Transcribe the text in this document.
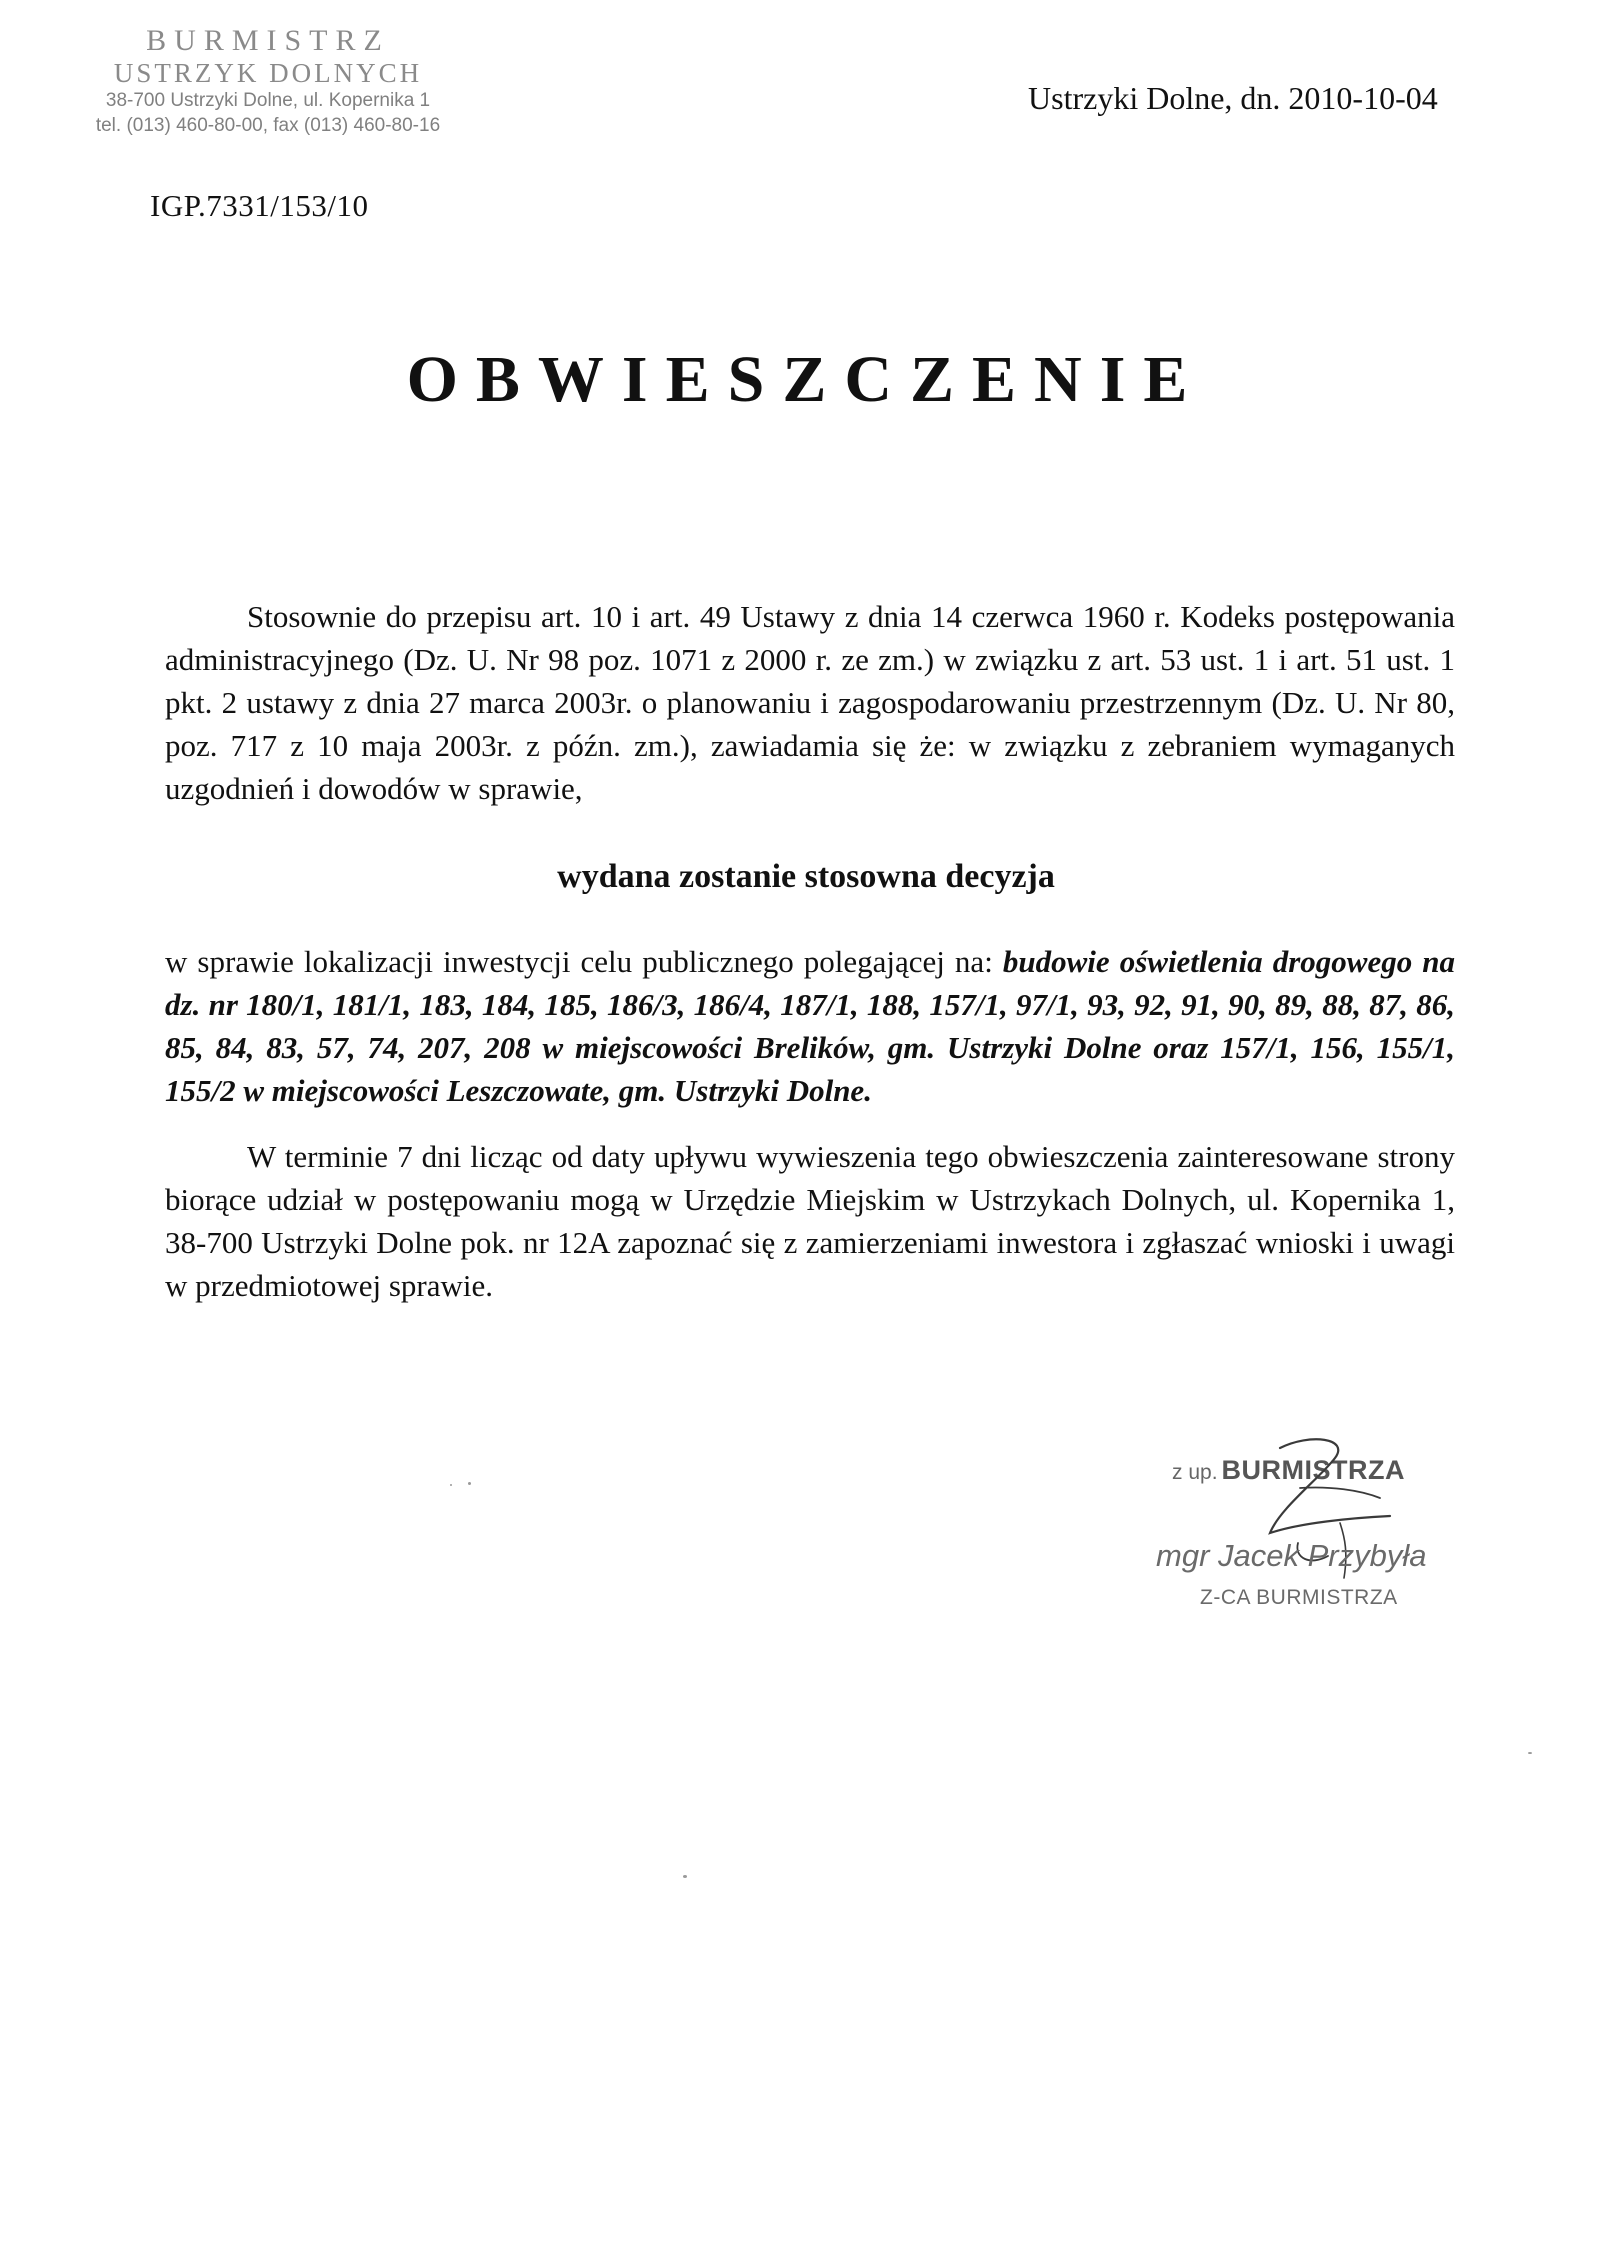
BURMISTRZ
USTRZYK DOLNYCH
38-700 Ustrzyki Dolne, ul. Kopernika 1
tel. (013) 460-80-00, fax (013) 460-80-16
Ustrzyki Dolne, dn. 2010-10-04
IGP.7331/153/10
OBWIESZCZENIE
Stosownie do przepisu art. 10 i art. 49 Ustawy z dnia 14 czerwca 1960 r. Kodeks postępowania administracyjnego (Dz. U. Nr 98 poz. 1071 z 2000 r. ze zm.) w związku z art. 53 ust. 1 i art. 51 ust. 1 pkt. 2 ustawy z dnia 27 marca 2003r. o planowaniu i zagospodarowaniu przestrzennym (Dz. U. Nr 80, poz. 717 z 10 maja 2003r. z późn. zm.), zawiadamia się że: w związku z zebraniem wymaganych uzgodnień i dowodów w sprawie,
wydana zostanie stosowna decyzja
w sprawie lokalizacji inwestycji celu publicznego polegającej na: budowie oświetlenia drogowego na dz. nr 180/1, 181/1, 183, 184, 185, 186/3, 186/4, 187/1, 188, 157/1, 97/1, 93, 92, 91, 90, 89, 88, 87, 86, 85, 84, 83, 57, 74, 207, 208 w miejscowości Brelików, gm. Ustrzyki Dolne oraz 157/1, 156, 155/1, 155/2 w miejscowości Leszczowate, gm. Ustrzyki Dolne.
W terminie 7 dni licząc od daty upływu wywieszenia tego obwieszczenia zainteresowane strony biorące udział w postępowaniu mogą w Urzędzie Miejskim w Ustrzykach Dolnych, ul. Kopernika 1, 38-700 Ustrzyki Dolne pok. nr 12A zapoznać się z zamierzeniami inwestora i zgłaszać wnioski i uwagi w przedmiotowej sprawie.
z up. BURMISTRZA
mgr Jacek Przybyła
Z-CA BURMISTRZA
